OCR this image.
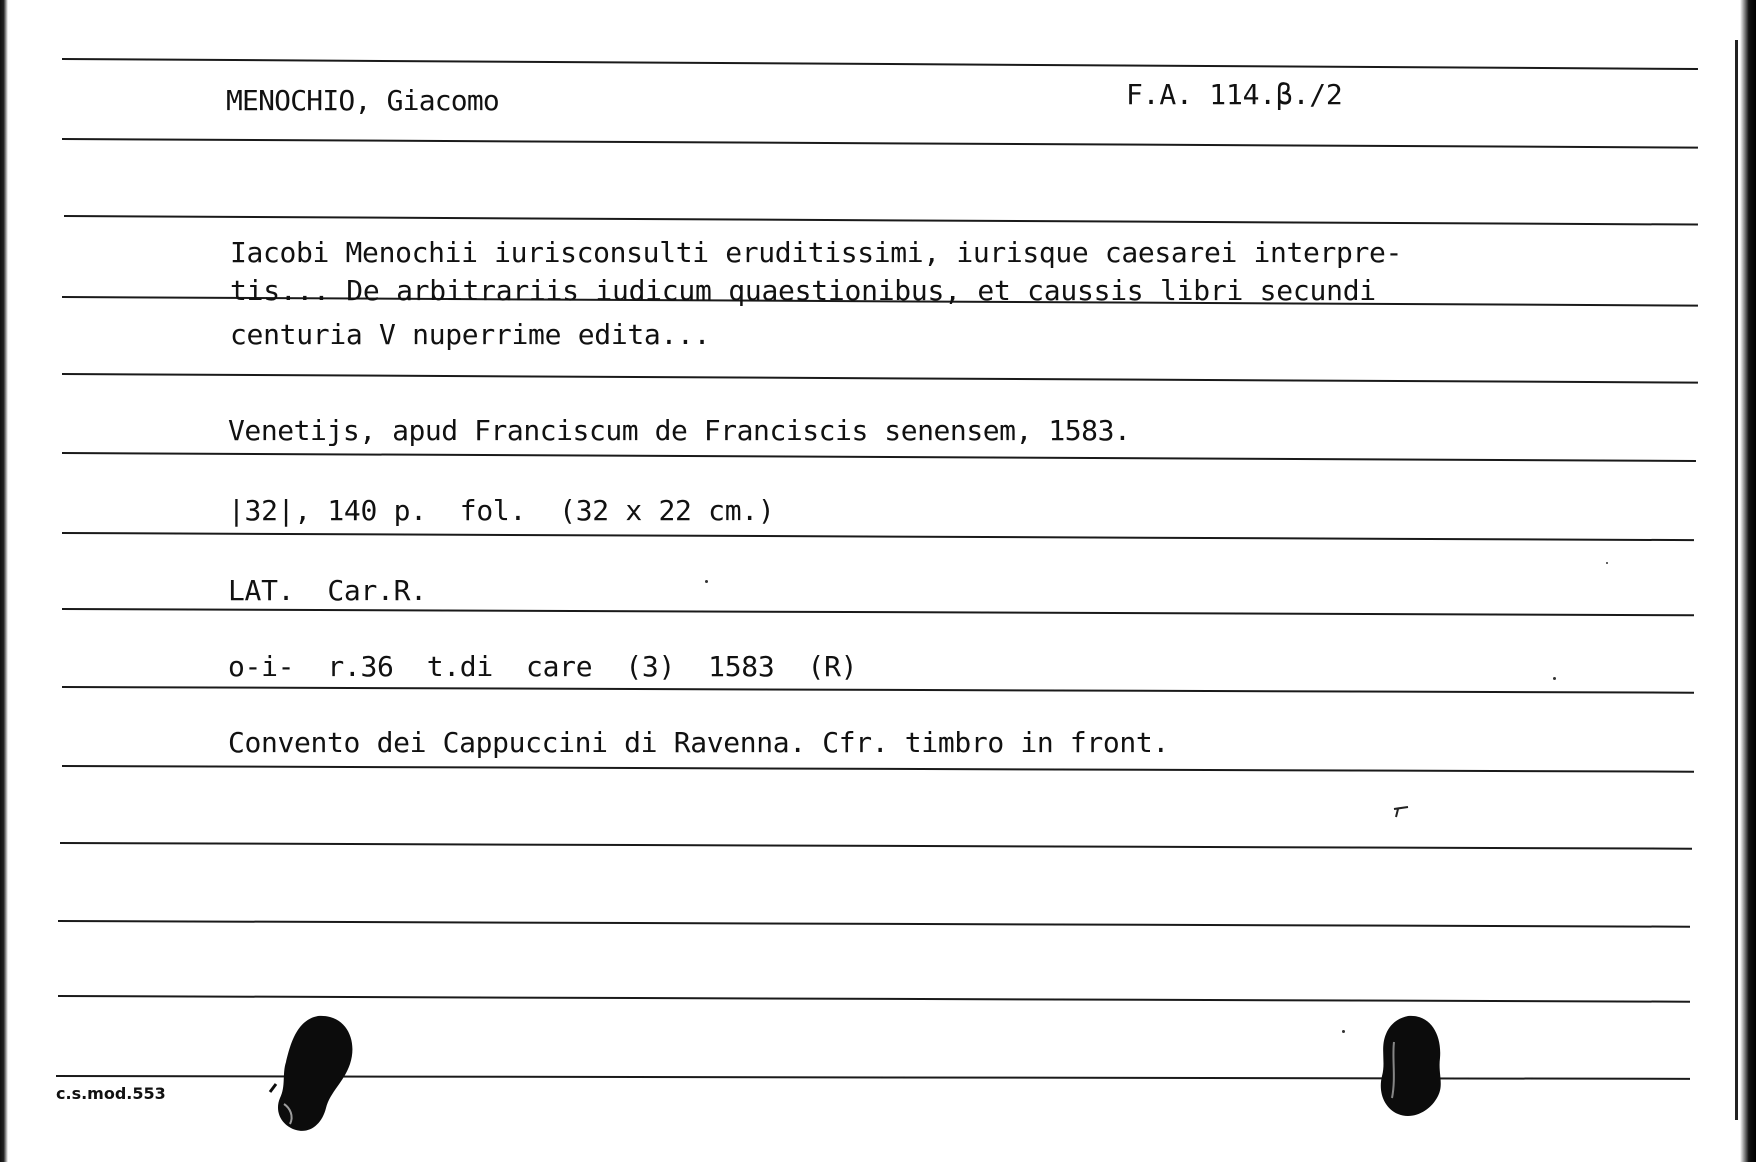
MENOCHIO, Giacomo	F.A. 114.β./2
Iacobi Menochii iurisconsulti eruditissimi, iurisque caesarei interpre-
tis... De arbitrariis iudicum quaestionibus, et caussis libri secundi
centuria V nuperrime edita...
Venetijs, apud Franciscum de Franciscis senensem, 1583.
|32|, 140 p.  fol.  (32 x 22 cm.)
LAT.  Car.R.
o-i-  r.36  t.di  care  (3)  1583  (R)
Convento dei Cappuccini di Ravenna. Cfr. timbro in front.
c.s.mod.553
